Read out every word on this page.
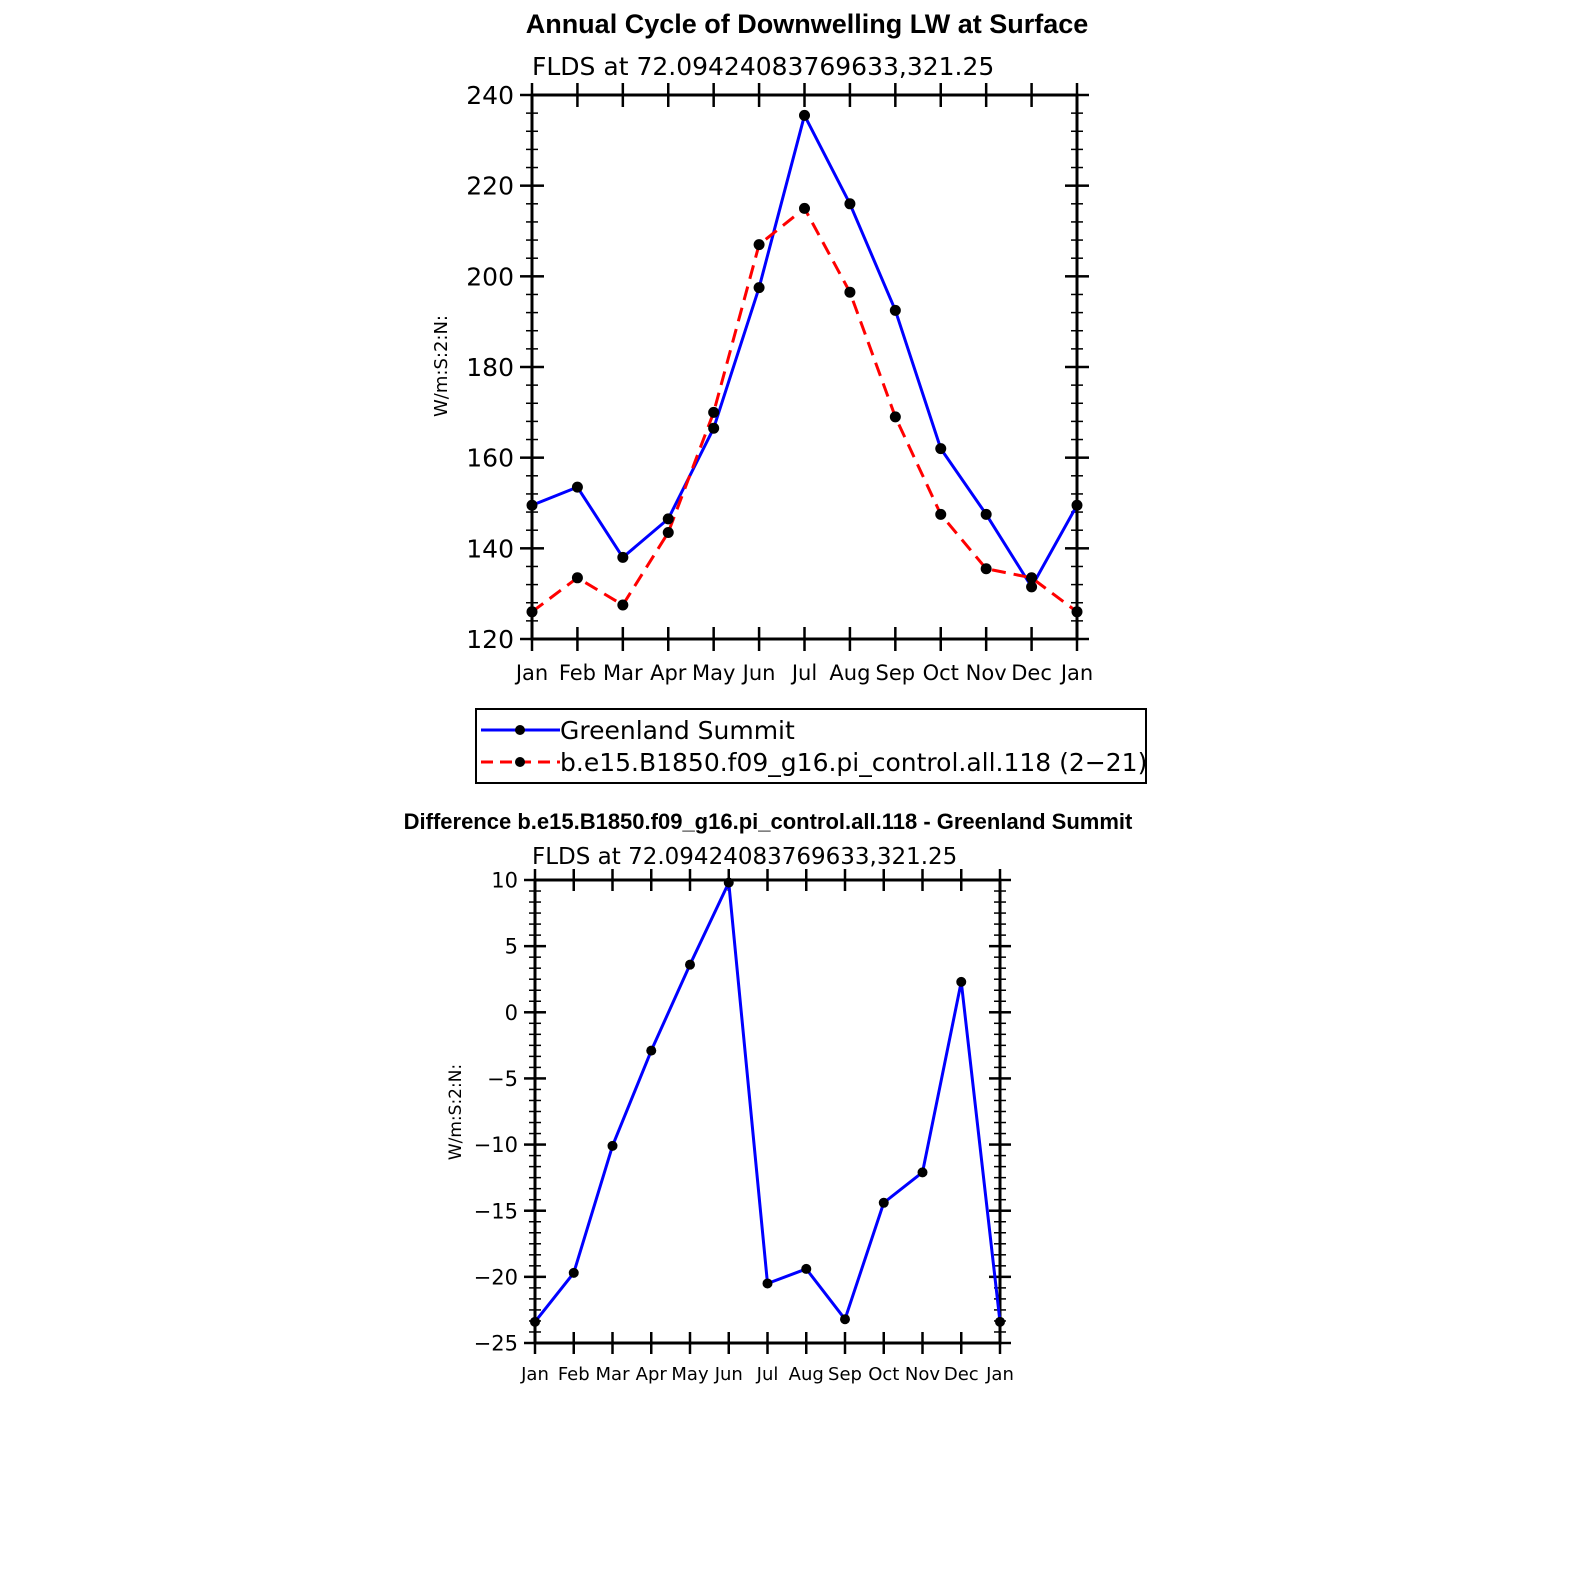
Annual Cycle of Downwelling LW at Surface
FLDS at 72.09424083769633,321.25
W/m:S:2:N:
Jan Feb Mar Apr May Jun Jul Aug Sep Oct Nov Dec Jan
240
220
200
180
160
140
120
Greenland Summit
b.e15.B1850.f09_g16.pi_control.all.118 (2−21)
Difference b.e15.B1850.f09_g16.pi_control.all.118 - Greenland Summit
FLDS at 72.09424083769633,321.25
W/m:S:2:N:
Jan Feb Mar Apr May Jun Jul Aug Sep Oct Nov Dec Jan
10
5
0
−5
−10
−15
−20
−25
